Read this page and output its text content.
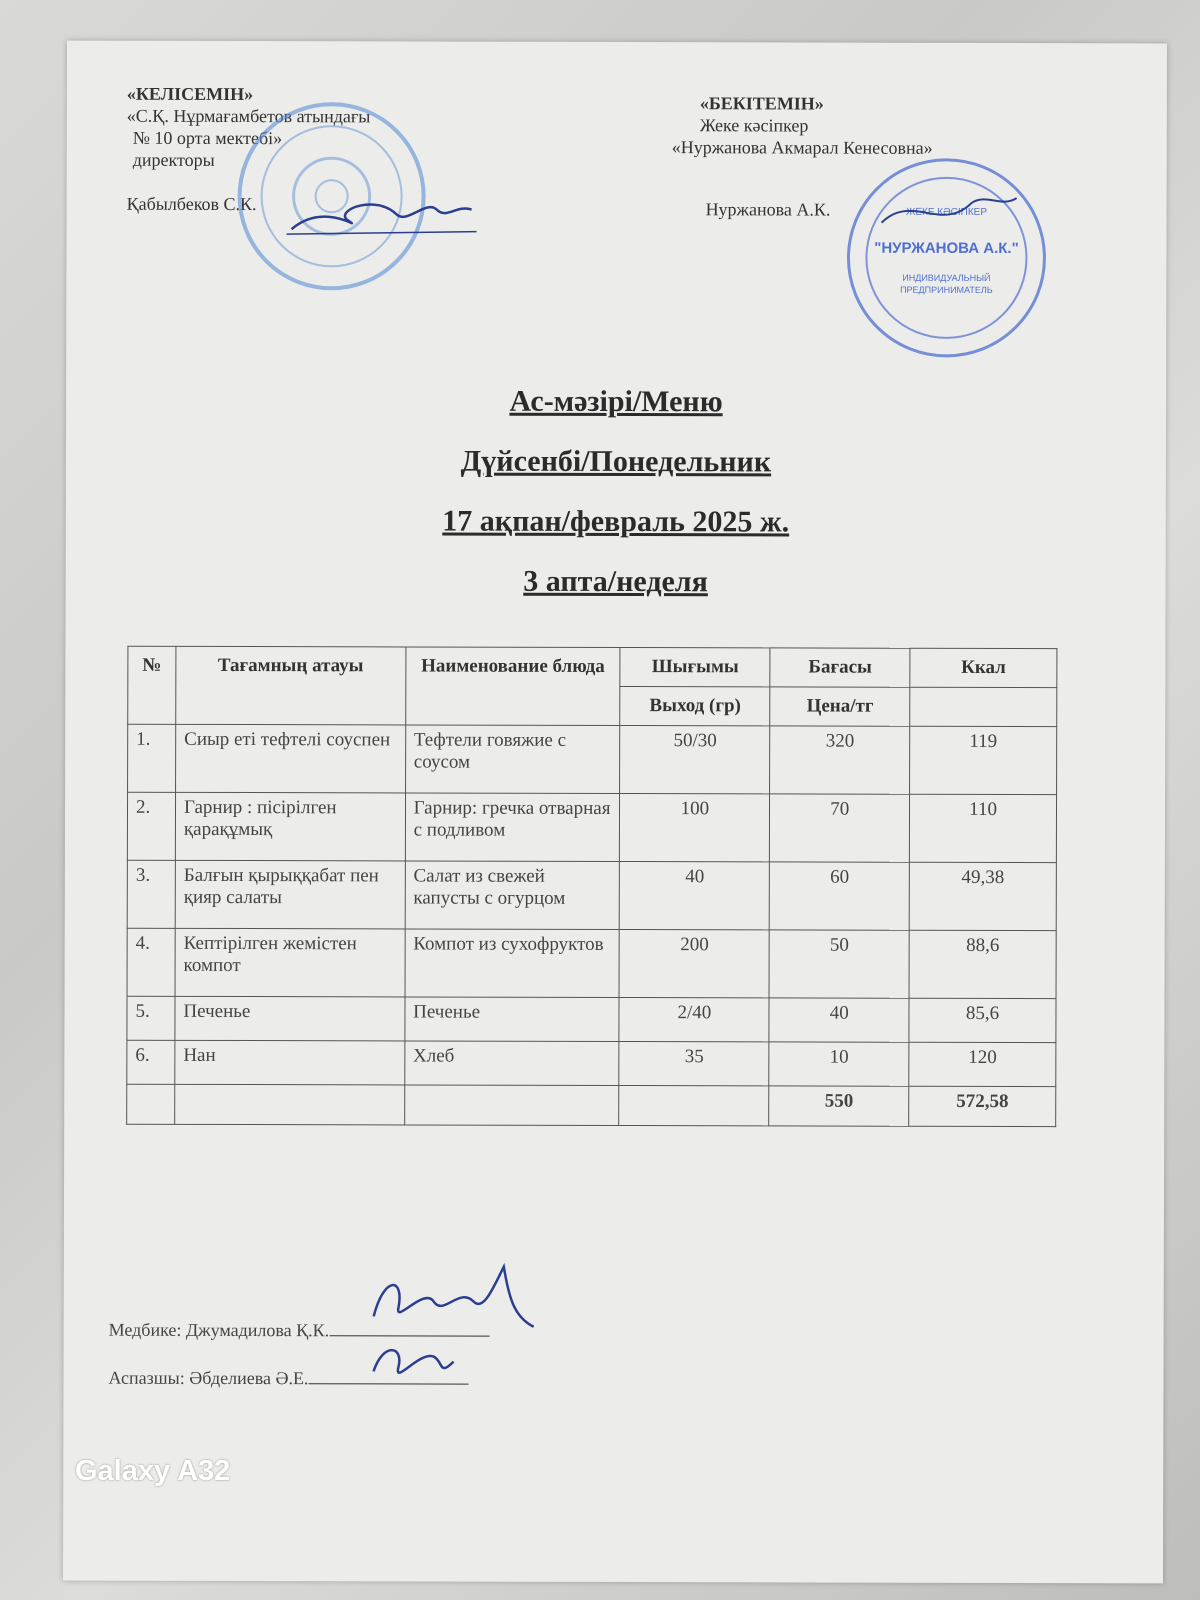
«КЕЛІСЕМІН»
«С.Қ. Нұрмағамбетов атындағы
№ 10 орта мектебі»
директоры
Қабылбеков С.К.
«БЕКІТЕМІН»
Жеке кәсіпкер
«Нуржанова Акмарал Кенесовна»
Нуржанова А.К.	ЖЕКЕ КӘСІПКЕР
"НУРЖАНОВА А.К."
ИНДИВИДУАЛЬНЫЙ
ПРЕДПРИНИМАТЕЛЬ
Ас-мәзірі/Меню
Дүйсенбі/Понедельник
17 ақпан/февраль 2025 ж.
3 апта/неделя
№	Тағамның атауы	Наименование блюда	Шығымы	Бағасы	Ккал
			Выход (гр)	Цена/тг	
1.	Сиыр еті тефтелі соуспен	Тефтели говяжие с соусом	50/30	320	119
2.	Гарнир : пісірілген қарақұмық	Гарнир: гречка отварная с подливом	100	70	110
3.	Балғын қырыққабат пен қияр салаты	Салат из свежей капусты с огурцом	40	60	49,38
4.	Кептірілген жемістен компот	Компот из сухофруктов	200	50	88,6
5.	Печенье	Печенье	2/40	40	85,6
6.	Нан	Хлеб	35	10	120
				550	572,58
Медбике: Джумадилова Қ.К.
Аспазшы: Әбделиева Ә.Е.
Galaxy A32
